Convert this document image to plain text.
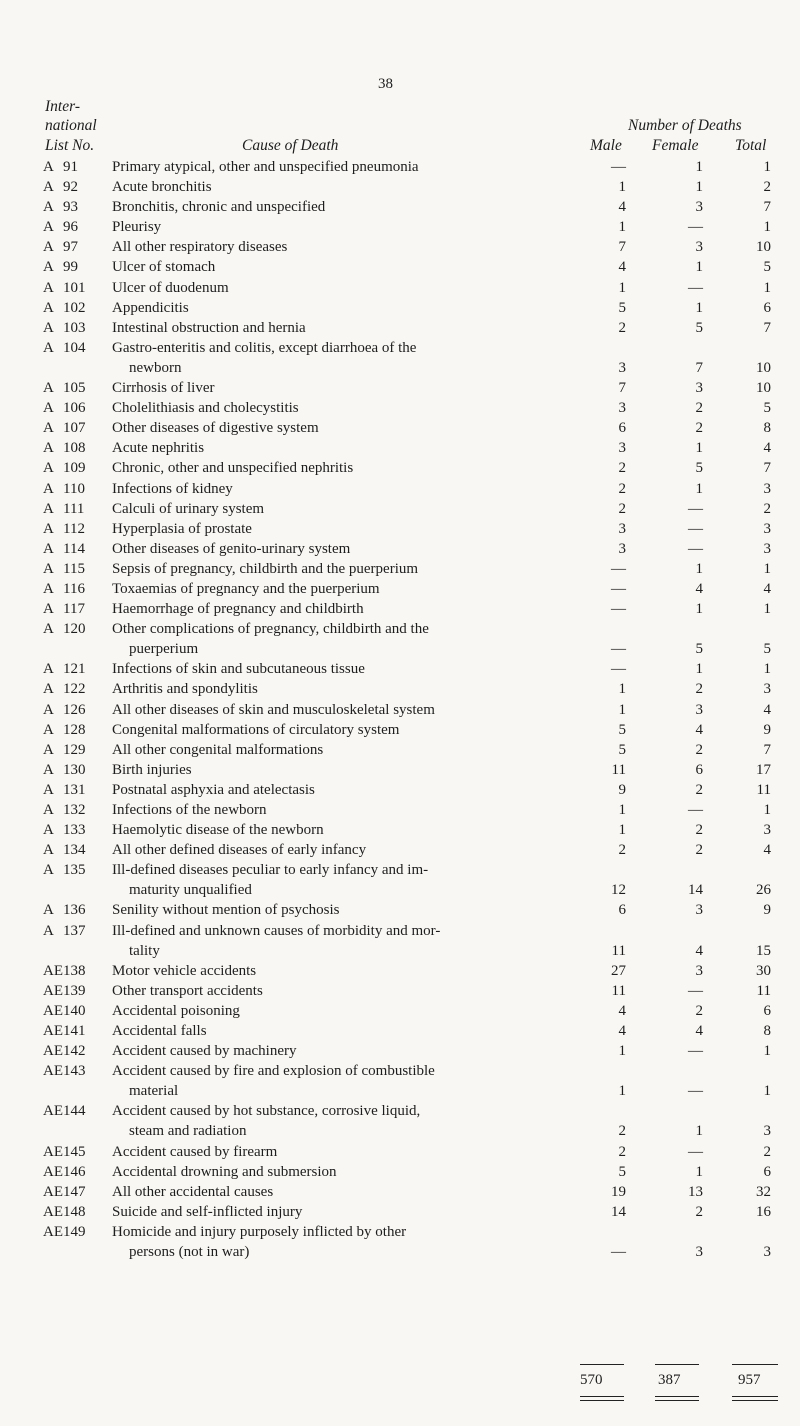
38
Inter-
national
List No.	Cause of Death
Number of Deaths
Male Female Total
A 91	Primary atypical, other and unspecified pneumonia	—	1	1
A 92	Acute bronchitis	1	1	2
A 93	Bronchitis, chronic and unspecified	4	3	7
A 96	Pleurisy	1	—	1
A 97	All other respiratory diseases	7	3	10
A 99	Ulcer of stomach	4	1	5
A 101	Ulcer of duodenum	1	—	1
A 102	Appendicitis	5	1	6
A 103	Intestinal obstruction and hernia	2	5	7
A 104	Gastro-enteritis and colitis, except diarrhoea of the
newborn	3	7	10
A 105	Cirrhosis of liver	7	3	10
A 106	Cholelithiasis and cholecystitis	3	2	5
A 107	Other diseases of digestive system	6	2	8
A 108	Acute nephritis	3	1	4
A 109	Chronic, other and unspecified nephritis	2	5	7
A 110	Infections of kidney	2	1	3
A 111	Calculi of urinary system	2	—	2
A 112	Hyperplasia of prostate	3	—	3
A 114	Other diseases of genito-urinary system	3	—	3
A 115	Sepsis of pregnancy, childbirth and the puerperium	—	1	1
A 116	Toxaemias of pregnancy and the puerperium	—	4	4
A 117	Haemorrhage of pregnancy and childbirth	—	1	1
A 120	Other complications of pregnancy, childbirth and the
puerperium	—	5	5
A 121	Infections of skin and subcutaneous tissue	—	1	1
A 122	Arthritis and spondylitis	1	2	3
A 126	All other diseases of skin and musculoskeletal system	1	3	4
A 128	Congenital malformations of circulatory system	5	4	9
A 129	All other congenital malformations	5	2	7
A 130	Birth injuries	11	6	17
A 131	Postnatal asphyxia and atelectasis	9	2	11
A 132	Infections of the newborn	1	—	1
A 133	Haemolytic disease of the newborn	1	2	3
A 134	All other defined diseases of early infancy	2	2	4
A 135	Ill-defined diseases peculiar to early infancy and im-
maturity unqualified	12	14	26
A 136	Senility without mention of psychosis	6	3	9
A 137	Ill-defined and unknown causes of morbidity and mor-
tality	11	4	15
AE138	Motor vehicle accidents	27	3	30
AE139	Other transport accidents	11	—	11
AE140	Accidental poisoning	4	2	6
AE141	Accidental falls	4	4	8
AE142	Accident caused by machinery	1	—	1
AE143	Accident caused by fire and explosion of combustible
material	1	—	1
AE144	Accident caused by hot substance, corrosive liquid,
steam and radiation	2	1	3
AE145	Accident caused by firearm	2	—	2
AE146	Accidental drowning and submersion	5	1	6
AE147	All other accidental causes	19	13	32
AE148	Suicide and self-inflicted injury	14	2	16
AE149	Homicide and injury purposely inflicted by other
persons (not in war)	—	3	3
570	387	957
